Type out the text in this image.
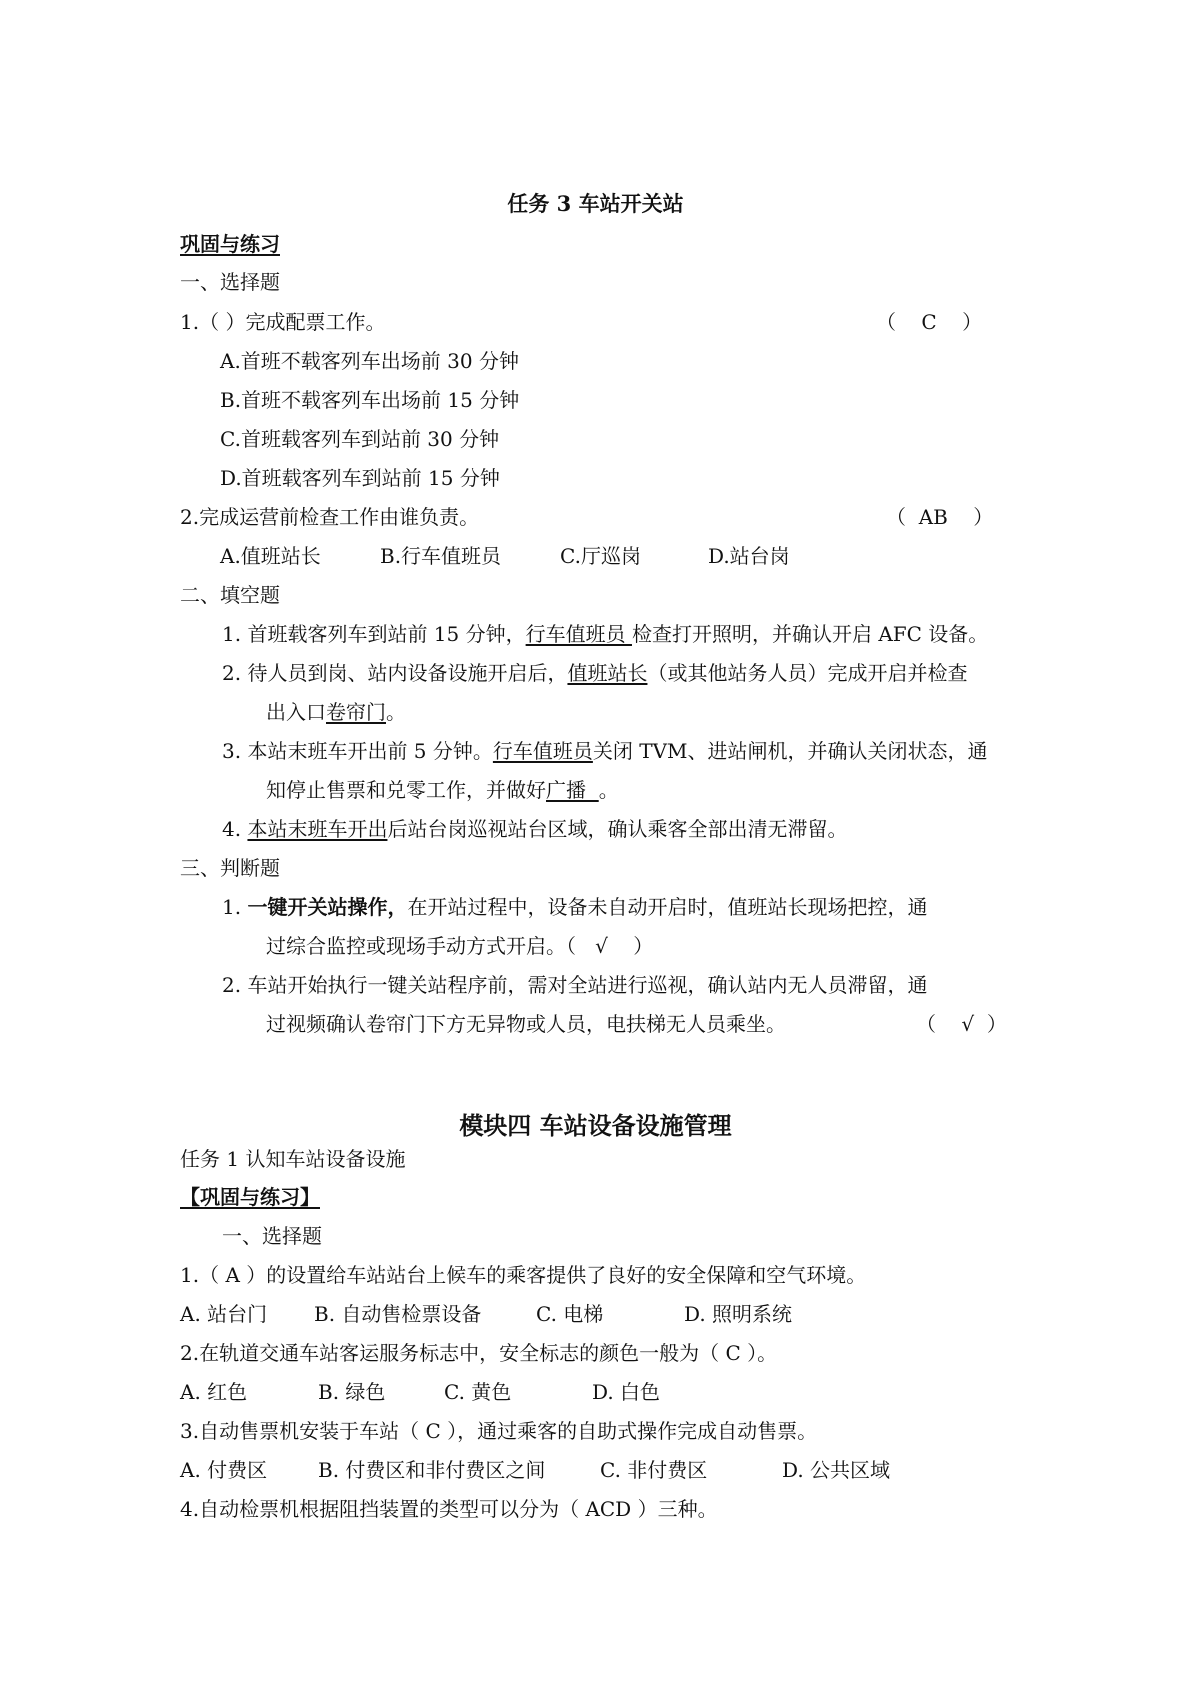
任务 3 车站开关站
巩固与练习
一、选择题
1.（ ）完成配票工作。	（    C    ）
A.首班不载客列车出场前 30 分钟
B.首班不载客列车出场前 15 分钟
C.首班载客列车到站前 30 分钟
D.首班载客列车到站前 15 分钟
2.完成运营前检查工作由谁负责。	（  AB    ）
A.值班站长	B.行车值班员	C.厅巡岗	D.站台岗
二、填空题
1. 首班载客列车到站前 15 分钟，行车值班员 检查打开照明，并确认开启 AFC 设备。
2. 待人员到岗、站内设备设施开启后，值班站长（或其他站务人员）完成开启并检查
出入口卷帘门。
3. 本站末班车开出前 5 分钟。行车值班员关闭 TVM、进站闸机，并确认关闭状态，通
知停止售票和兑零工作，并做好广播  。
4. 本站末班车开出后站台岗巡视站台区域，确认乘客全部出清无滞留。
三、判断题
1. 一键开关站操作，在开站过程中，设备未自动开启时，值班站长现场把控，通
过综合监控或现场手动方式开启。（   √    ）
2. 车站开始执行一键关站程序前，需对全站进行巡视，确认站内无人员滞留，通
过视频确认卷帘门下方无异物或人员，电扶梯无人员乘坐。	（    √  ）
模块四 车站设备设施管理
任务 1 认知车站设备设施
【巩固与练习】
一、选择题
1.（ A ）的设置给车站站台上候车的乘客提供了良好的安全保障和空气环境。
A. 站台门 B. 自动售检票设备	C. 电梯	D. 照明系统
2.在轨道交通车站客运服务标志中，安全标志的颜色一般为（ C ）。
A. 红色	B. 绿色	C. 黄色	D. 白色
3.自动售票机安装于车站（ C ），通过乘客的自助式操作完成自动售票。
A. 付费区	B. 付费区和非付费区之间	C. 非付费区	D. 公共区域
4.自动检票机根据阻挡装置的类型可以分为（ ACD ）三种。
